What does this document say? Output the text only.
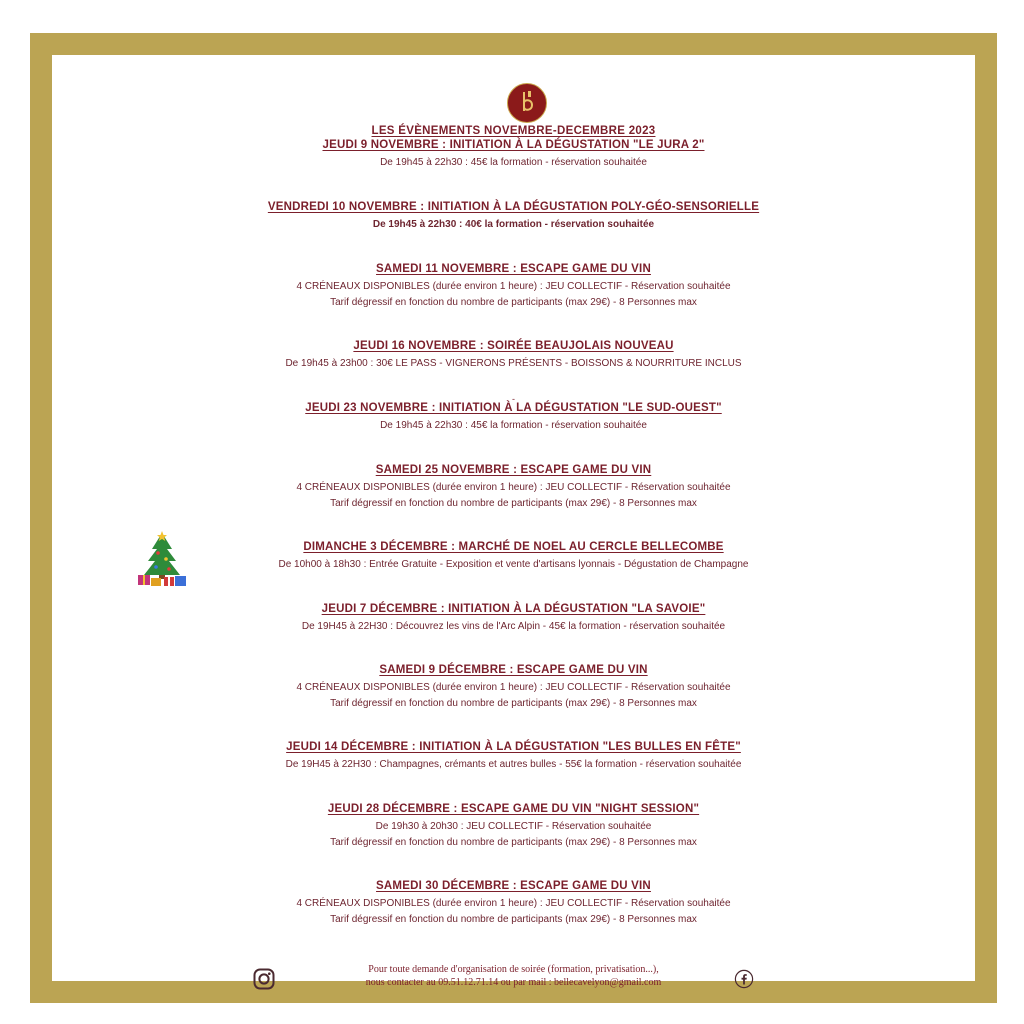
LES ÉVÈNEMENTS NOVEMBRE-DECEMBRE 2023
JEUDI 9 NOVEMBRE : INITIATION À LA DÉGUSTATION "LE JURA 2"
De 19h45 à 22h30 : 45€ la formation - réservation souhaitée
VENDREDI 10 NOVEMBRE : INITIATION À LA DÉGUSTATION POLY-GÉO-SENSORIELLE
De 19h45 à 22h30 : 40€ la formation - réservation souhaitée
SAMEDI 11 NOVEMBRE : ESCAPE GAME DU VIN
4 CRÉNEAUX DISPONIBLES (durée environ 1 heure) : JEU COLLECTIF - Réservation souhaitée
Tarif dégressif en fonction du nombre de participants (max 29€) - 8 Personnes max
JEUDI 16 NOVEMBRE : SOIRÉE BEAUJOLAIS NOUVEAU
De 19h45 à 23h00 : 30€ LE PASS - VIGNERONS PRÉSENTS - BOISSONS & NOURRITURE INCLUS
JEUDI 23 NOVEMBRE : INITIATION À LA DÉGUSTATION "LE SUD-OUEST"
De 19h45 à 22h30 : 45€ la formation - réservation souhaitée
SAMEDI 25 NOVEMBRE : ESCAPE GAME DU VIN
4 CRÉNEAUX DISPONIBLES (durée environ 1 heure) : JEU COLLECTIF - Réservation souhaitée
Tarif dégressif en fonction du nombre de participants (max 29€) - 8 Personnes max
DIMANCHE 3 DÉCEMBRE : MARCHÉ DE NOEL AU CERCLE BELLECOMBE
De 10h00 à 18h30 : Entrée Gratuite - Exposition et vente d'artisans lyonnais - Dégustation de Champagne
JEUDI 7 DÉCEMBRE : INITIATION À LA DÉGUSTATION "LA SAVOIE"
De 19H45 à 22H30 : Découvrez les vins de l'Arc Alpin - 45€ la formation - réservation souhaitée
SAMEDI 9 DÉCEMBRE : ESCAPE GAME DU VIN
4 CRÉNEAUX DISPONIBLES (durée environ 1 heure) : JEU COLLECTIF - Réservation souhaitée
Tarif dégressif en fonction du nombre de participants (max 29€) - 8 Personnes max
JEUDI 14 DÉCEMBRE : INITIATION À LA DÉGUSTATION "LES BULLES EN FÊTE"
De 19H45 à 22H30 : Champagnes, crémants et autres bulles - 55€ la formation - réservation souhaitée
JEUDI 28 DÉCEMBRE : ESCAPE GAME DU VIN "NIGHT SESSION"
De 19h30 à 20h30 : JEU COLLECTIF - Réservation souhaitée
Tarif dégressif en fonction du nombre de participants (max 29€) - 8 Personnes max
SAMEDI 30 DÉCEMBRE : ESCAPE GAME DU VIN
4 CRÉNEAUX DISPONIBLES (durée environ 1 heure) : JEU COLLECTIF - Réservation souhaitée
Tarif dégressif en fonction du nombre de participants (max 29€) - 8 Personnes max
-
Pour toute demande d'organisation de soirée (formation, privatisation...),
nous contacter au 09.51.12.71.14 ou par mail : bellecavelyon@gmail.com
